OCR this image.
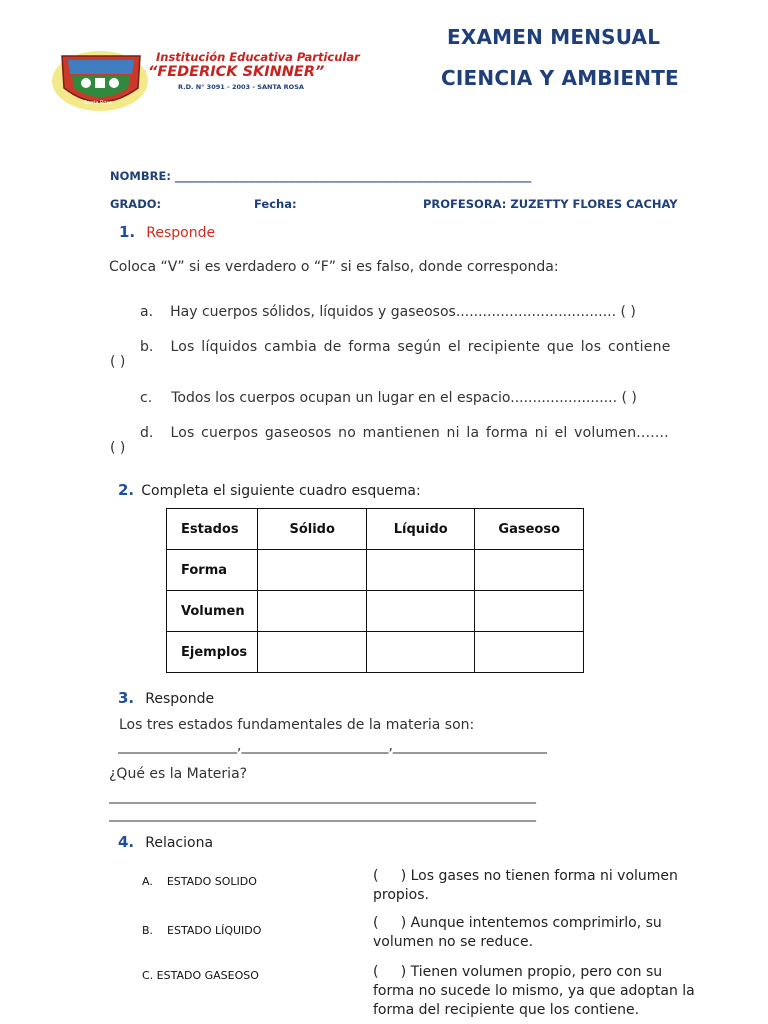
Institución Educativa Particular
“FEDERICK SKINNER”
R.D. N° 3091 - 2003 - SANTA ROSA
Santa Rosa
EXAMEN MENSUAL
CIENCIA Y AMBIENTE
NOMBRE: ______________________________________________________________
GRADO:	Fecha:	PROFESORA: ZUZETTY FLORES CACHAY
1. Responde
Coloca “V” si es verdadero o “F” si es falso, donde corresponda:
a. Hay cuerpos sólidos, líquidos y gaseosos.................................... ( )
b. Los líquidos cambia de forma según el recipiente que los contiene
( )
c. Todos los cuerpos ocupan un lugar en el espacio........................ ( )
d. Los cuerpos gaseosos no mantienen ni la forma ni el volumen.......
( )
2. Completa el siguiente cuadro esquema:
Estados	Sólido	Líquido	Gaseoso
Forma			
Volumen			
Ejemplos			
3. Responde
Los tres estados fundamentales de la materia son:
_________________,_____________________,______________________
¿Qué es la Materia?
_____________________________________________________________
_____________________________________________________________
4. Relaciona
A.    ESTADO SOLIDO
B.    ESTADO LÍQUIDO
C. ESTADO GASEOSO
(     ) Los gases no tienen forma ni volumen propios.
(     ) Aunque intentemos comprimirlo, su volumen no se reduce.
(     ) Tienen volumen propio, pero con su forma no sucede lo mismo, ya que adoptan la forma del recipiente que los contiene.
